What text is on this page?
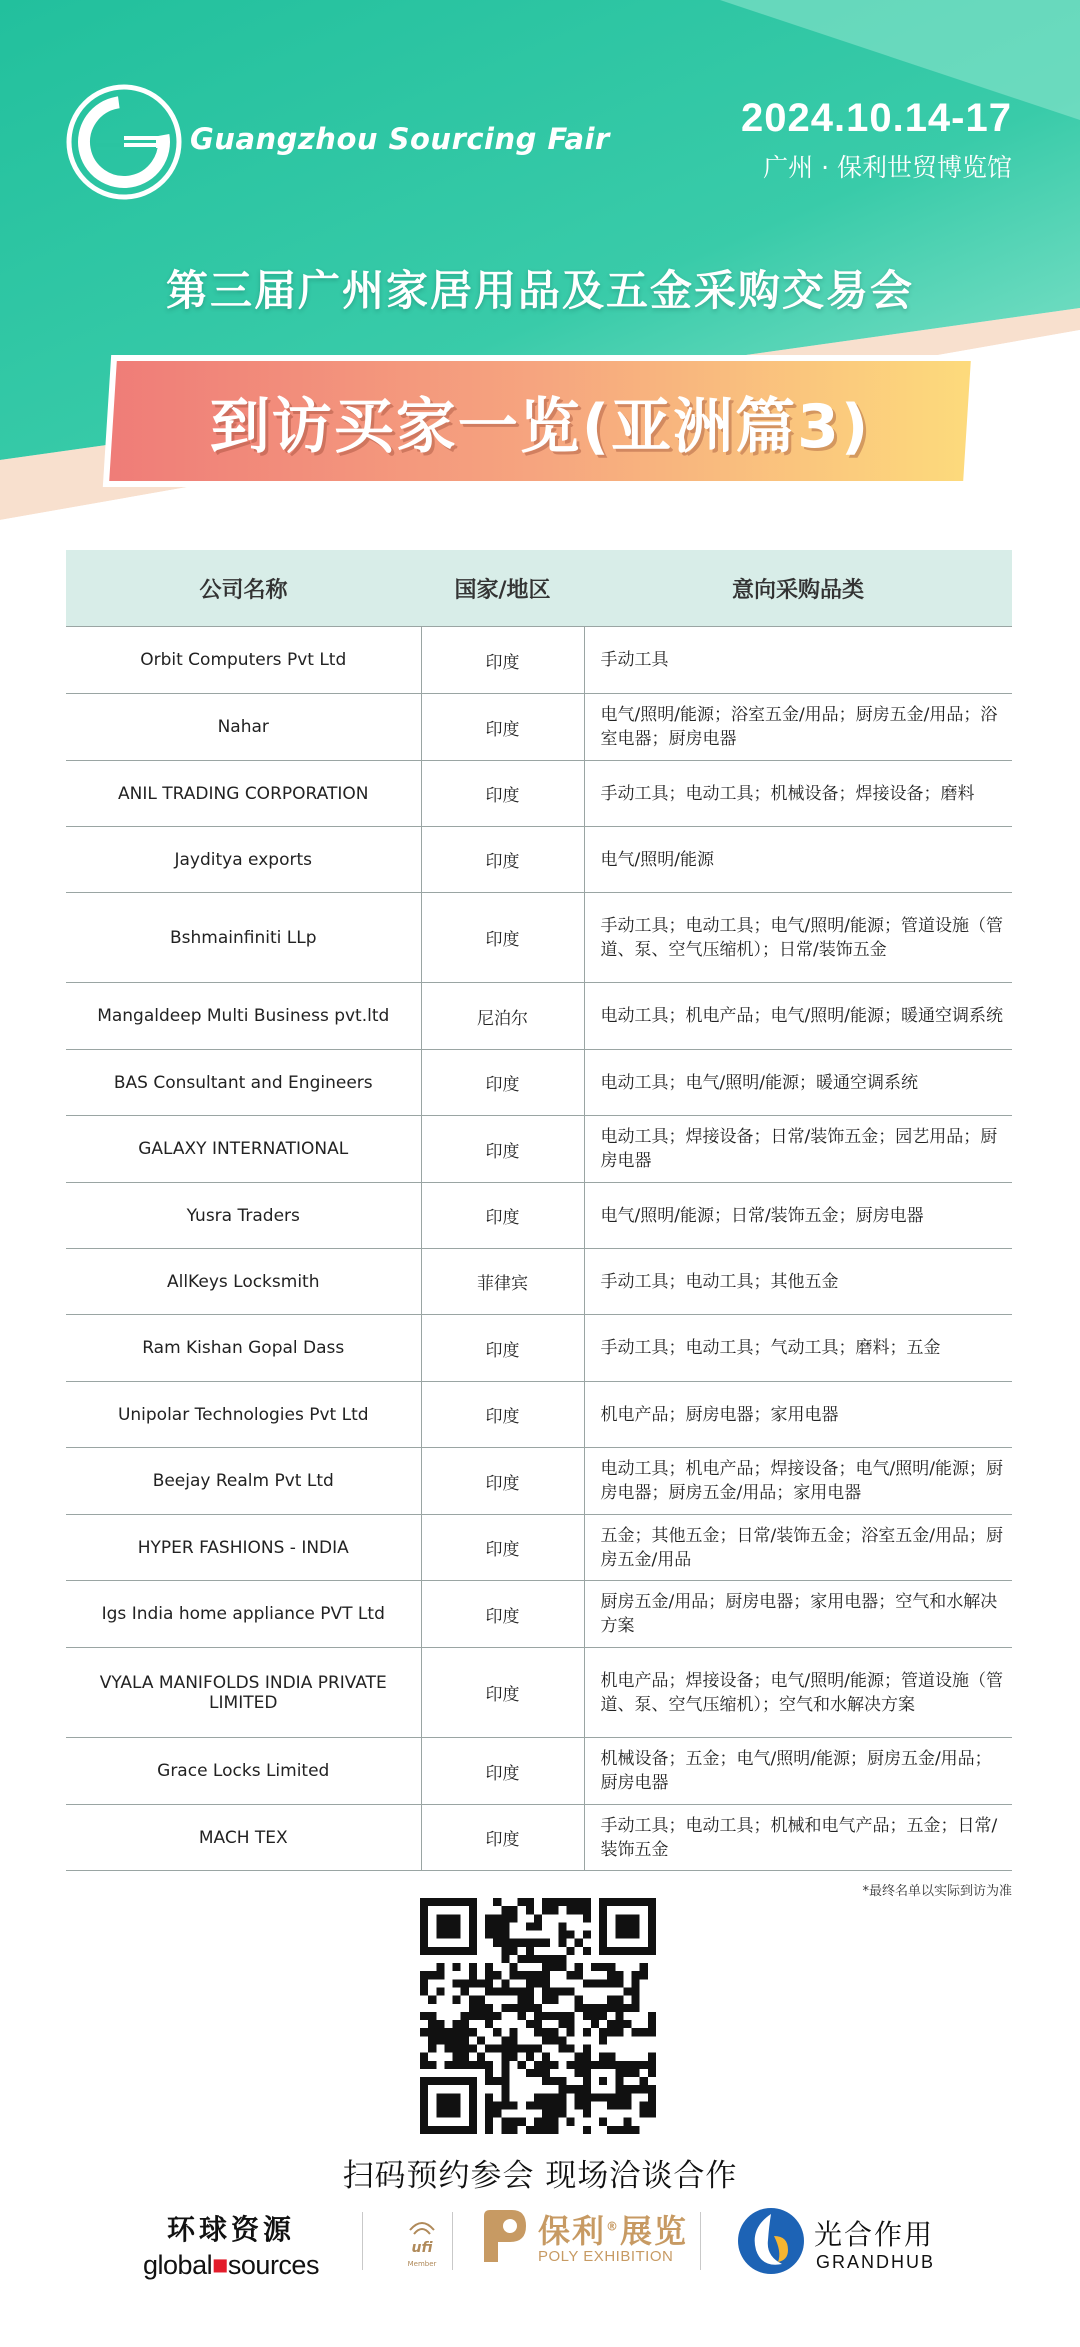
Guangzhou Sourcing Fair	2024.10.14-17
广州 · 保利世贸博览馆
第三届广州家居用品及五金采购交易会
到访买家一览(亚洲篇3)
公司名称	国家/地区	意向采购品类
Orbit Computers Pvt Ltd	印度	手动工具
Nahar	印度	电气/照明/能源；浴室五金/用品；厨房五金/用品；浴室电器；厨房电器
ANIL TRADING CORPORATION	印度	手动工具；电动工具；机械设备；焊接设备；磨料
Jayditya exports	印度	电气/照明/能源
Bshmainfiniti LLp	印度	手动工具；电动工具；电气/照明/能源；管道设施（管道、泵、空气压缩机）；日常/装饰五金
Mangaldeep Multi Business pvt.ltd	尼泊尔	电动工具；机电产品；电气/照明/能源；暖通空调系统
BAS Consultant and Engineers	印度	电动工具；电气/照明/能源；暖通空调系统
GALAXY INTERNATIONAL	印度	电动工具；焊接设备；日常/装饰五金；园艺用品；厨房电器
Yusra Traders	印度	电气/照明/能源；日常/装饰五金；厨房电器
AllKeys Locksmith	菲律宾	手动工具；电动工具；其他五金
Ram Kishan Gopal Dass	印度	手动工具；电动工具；气动工具；磨料；五金
Unipolar Technologies Pvt Ltd	印度	机电产品；厨房电器；家用电器
Beejay Realm Pvt Ltd	印度	电动工具；机电产品；焊接设备；电气/照明/能源；厨房电器；厨房五金/用品；家用电器
HYPER FASHIONS - INDIA	印度	五金；其他五金；日常/装饰五金；浴室五金/用品；厨房五金/用品
Igs India home appliance PVT Ltd	印度	厨房五金/用品；厨房电器；家用电器；空气和水解决方案
VYALA MANIFOLDS INDIA PRIVATE LIMITED	印度	机电产品；焊接设备；电气/照明/能源；管道设施（管道、泵、空气压缩机）；空气和水解决方案
Grace Locks Limited	印度	机械设备；五金；电气/照明/能源；厨房五金/用品；厨房电器
MACH TEX	印度	手动工具；电动工具；机械和电气产品；五金；日常/装饰五金
*最终名单以实际到访为准
扫码预约参会 现场洽谈合作
环球资源
global■sources
ufi
Member
保利®展览
POLY EXHIBITION
光合作用
GRANDHUB
